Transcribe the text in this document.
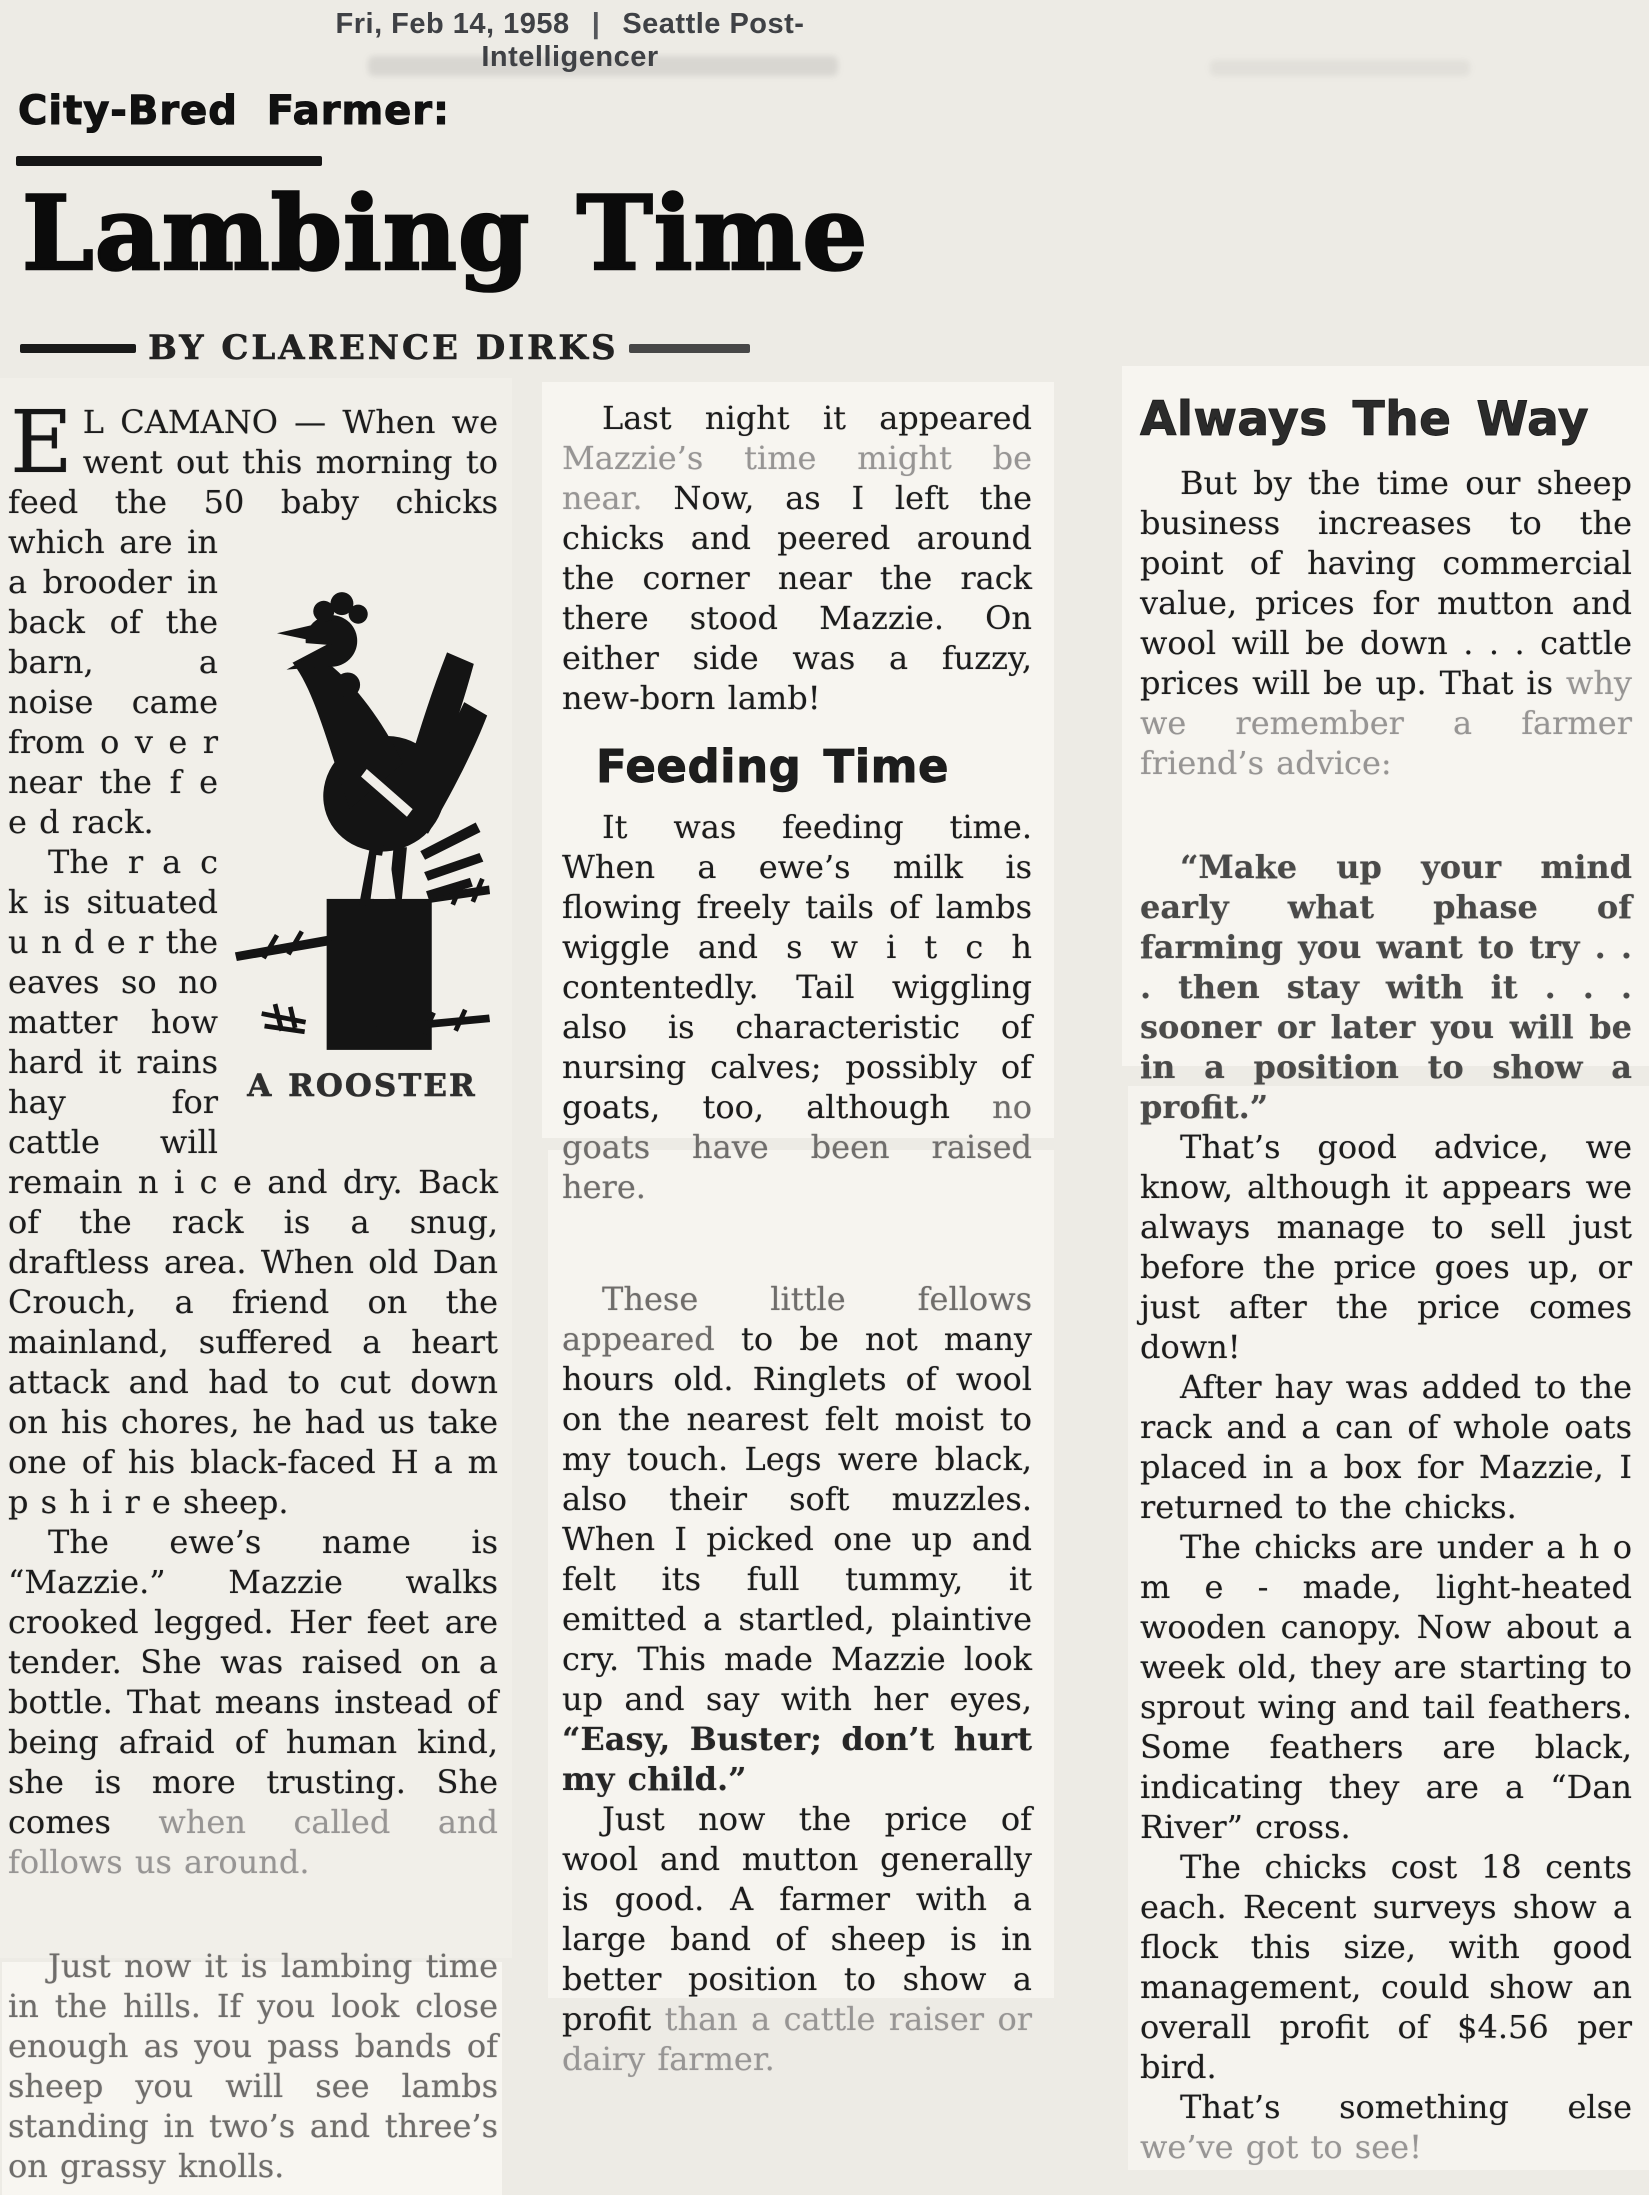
Fri, Feb 14, 1958 | Seattle Post-Intelligencer
City-Bred Farmer:
Lambing Time
BY CLARENCE DIRKS

E L CAMANO — When we went out this morning to feed the 50 baby chicks
A ROOSTER
which are in a brooder in back of the barn, a noise came from o v e r near the f e e d rack.

The r a c k is situated u n d e r the eaves so no matter how hard it rains hay for cattle will remain n i c e and dry. Back of the rack is a snug, draftless area. When old Dan Crouch, a friend on the mainland, suffered a heart attack and had to cut down on his chores, he had us take one of his black-faced H a m p s h i r e sheep.

The ewe’s name is “Mazzie.” Mazzie walks crooked legged. Her feet are tender. She was raised on a bottle. That means instead of being afraid of human kind, she is more trusting. She comes when called and follows us around.

Just now it is lambing time in the hills. If you look close enough as you pass bands of sheep you will see lambs standing in two’s and three’s on grassy knolls.

Last night it appeared Mazzie’s time might be near. Now, as I left the chicks and peered around the corner near the rack there stood Mazzie. On either side was a fuzzy, new-born lamb!

Feeding Time

It was feeding time. When a ewe’s milk is flowing freely tails of lambs wiggle and s w i t c h contentedly. Tail wiggling also is characteristic of nursing calves; possibly of goats, too, although no goats have been raised here.

These little fellows appeared to be not many hours old. Ringlets of wool on the nearest felt moist to my touch. Legs were black, also their soft muzzles. When I picked one up and felt its full tummy, it emitted a startled, plaintive cry. This made Mazzie look up and say with her eyes, “Easy, Buster; don’t hurt my child.”

Just now the price of wool and mutton generally is good. A farmer with a large band of sheep is in better position to show a profit than a cattle raiser or dairy farmer.

Always The Way

But by the time our sheep business increases to the point of having commercial value, prices for mutton and wool will be down . . . cattle prices will be up. That is why we remember a farmer friend’s advice:

“Make up your mind early what phase of farming you want to try . . . then stay with it . . . sooner or later you will be in a position to show a profit.”

That’s good advice, we know, although it appears we always manage to sell just before the price goes up, or just after the price comes down!

After hay was added to the rack and a can of whole oats placed in a box for Mazzie, I returned to the chicks.

The chicks are under a h o m e - made, light-heated wooden canopy. Now about a week old, they are starting to sprout wing and tail feathers. Some feathers are black, indicating they are a “Dan River” cross.

The chicks cost 18 cents each. Recent surveys show a flock this size, with good management, could show an overall profit of $4.56 per bird.

That’s something else we’ve got to see!
